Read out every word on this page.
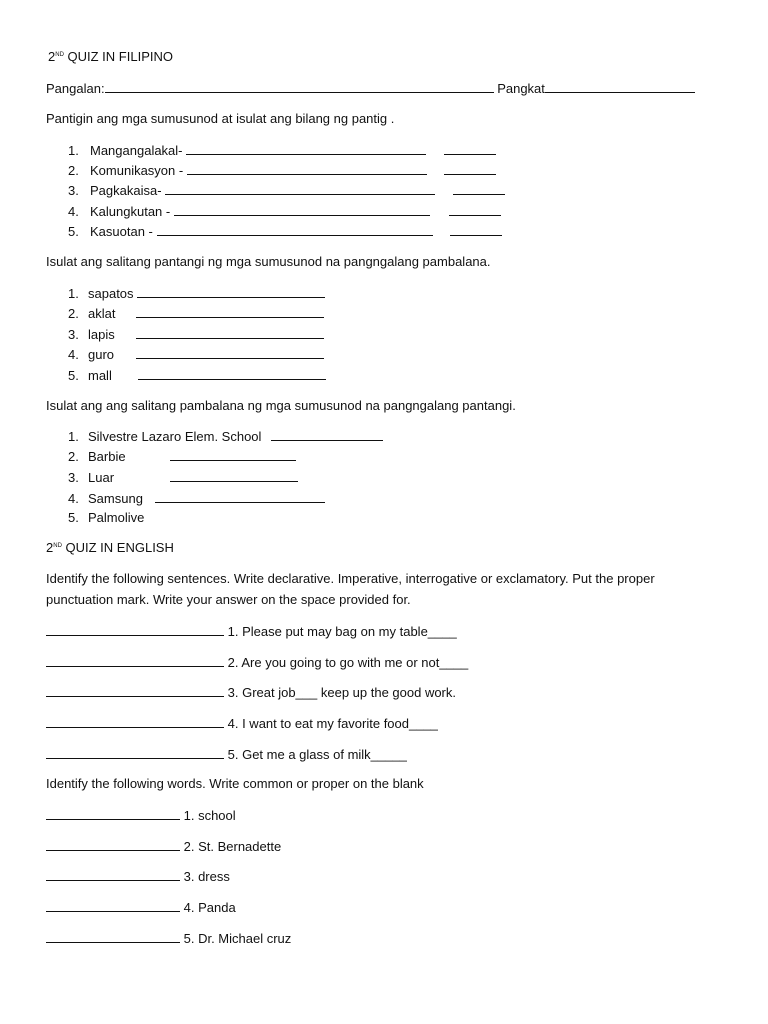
2ND QUIZ IN FILIPINO
Pangalan:	Pangkat
Pantigin ang mga sumusunod at isulat ang bilang ng pantig .
1. Mangangalakal-
2. Komunikasyon -
3. Pagkakaisa-
4. Kalungkutan -
5. Kasuotan -
Isulat ang salitang pantangi ng mga sumusunod na pangngalang pambalana.
1. sapatos
2. aklat
3. lapis
4. guro
5. mall
Isulat ang ang salitang pambalana ng mga sumusunod na pangngalang pantangi.
1. Silvestre Lazaro Elem. School
2. Barbie
3. Luar
4. Samsung
5. Palmolive
2ND QUIZ IN ENGLISH
Identify the following sentences. Write declarative. Imperative, interrogative or exclamatory. Put the proper punctuation mark. Write your answer on the space provided for.
1. Please put may bag on my table____
2. Are you going to go with me or not____
3. Great job___ keep up the good work.
4. I want to eat my favorite food____
5. Get me a glass of milk_____
Identify the following words. Write common or proper on the blank
1. school
2. St. Bernadette
3. dress
4. Panda
5. Dr. Michael cruz
